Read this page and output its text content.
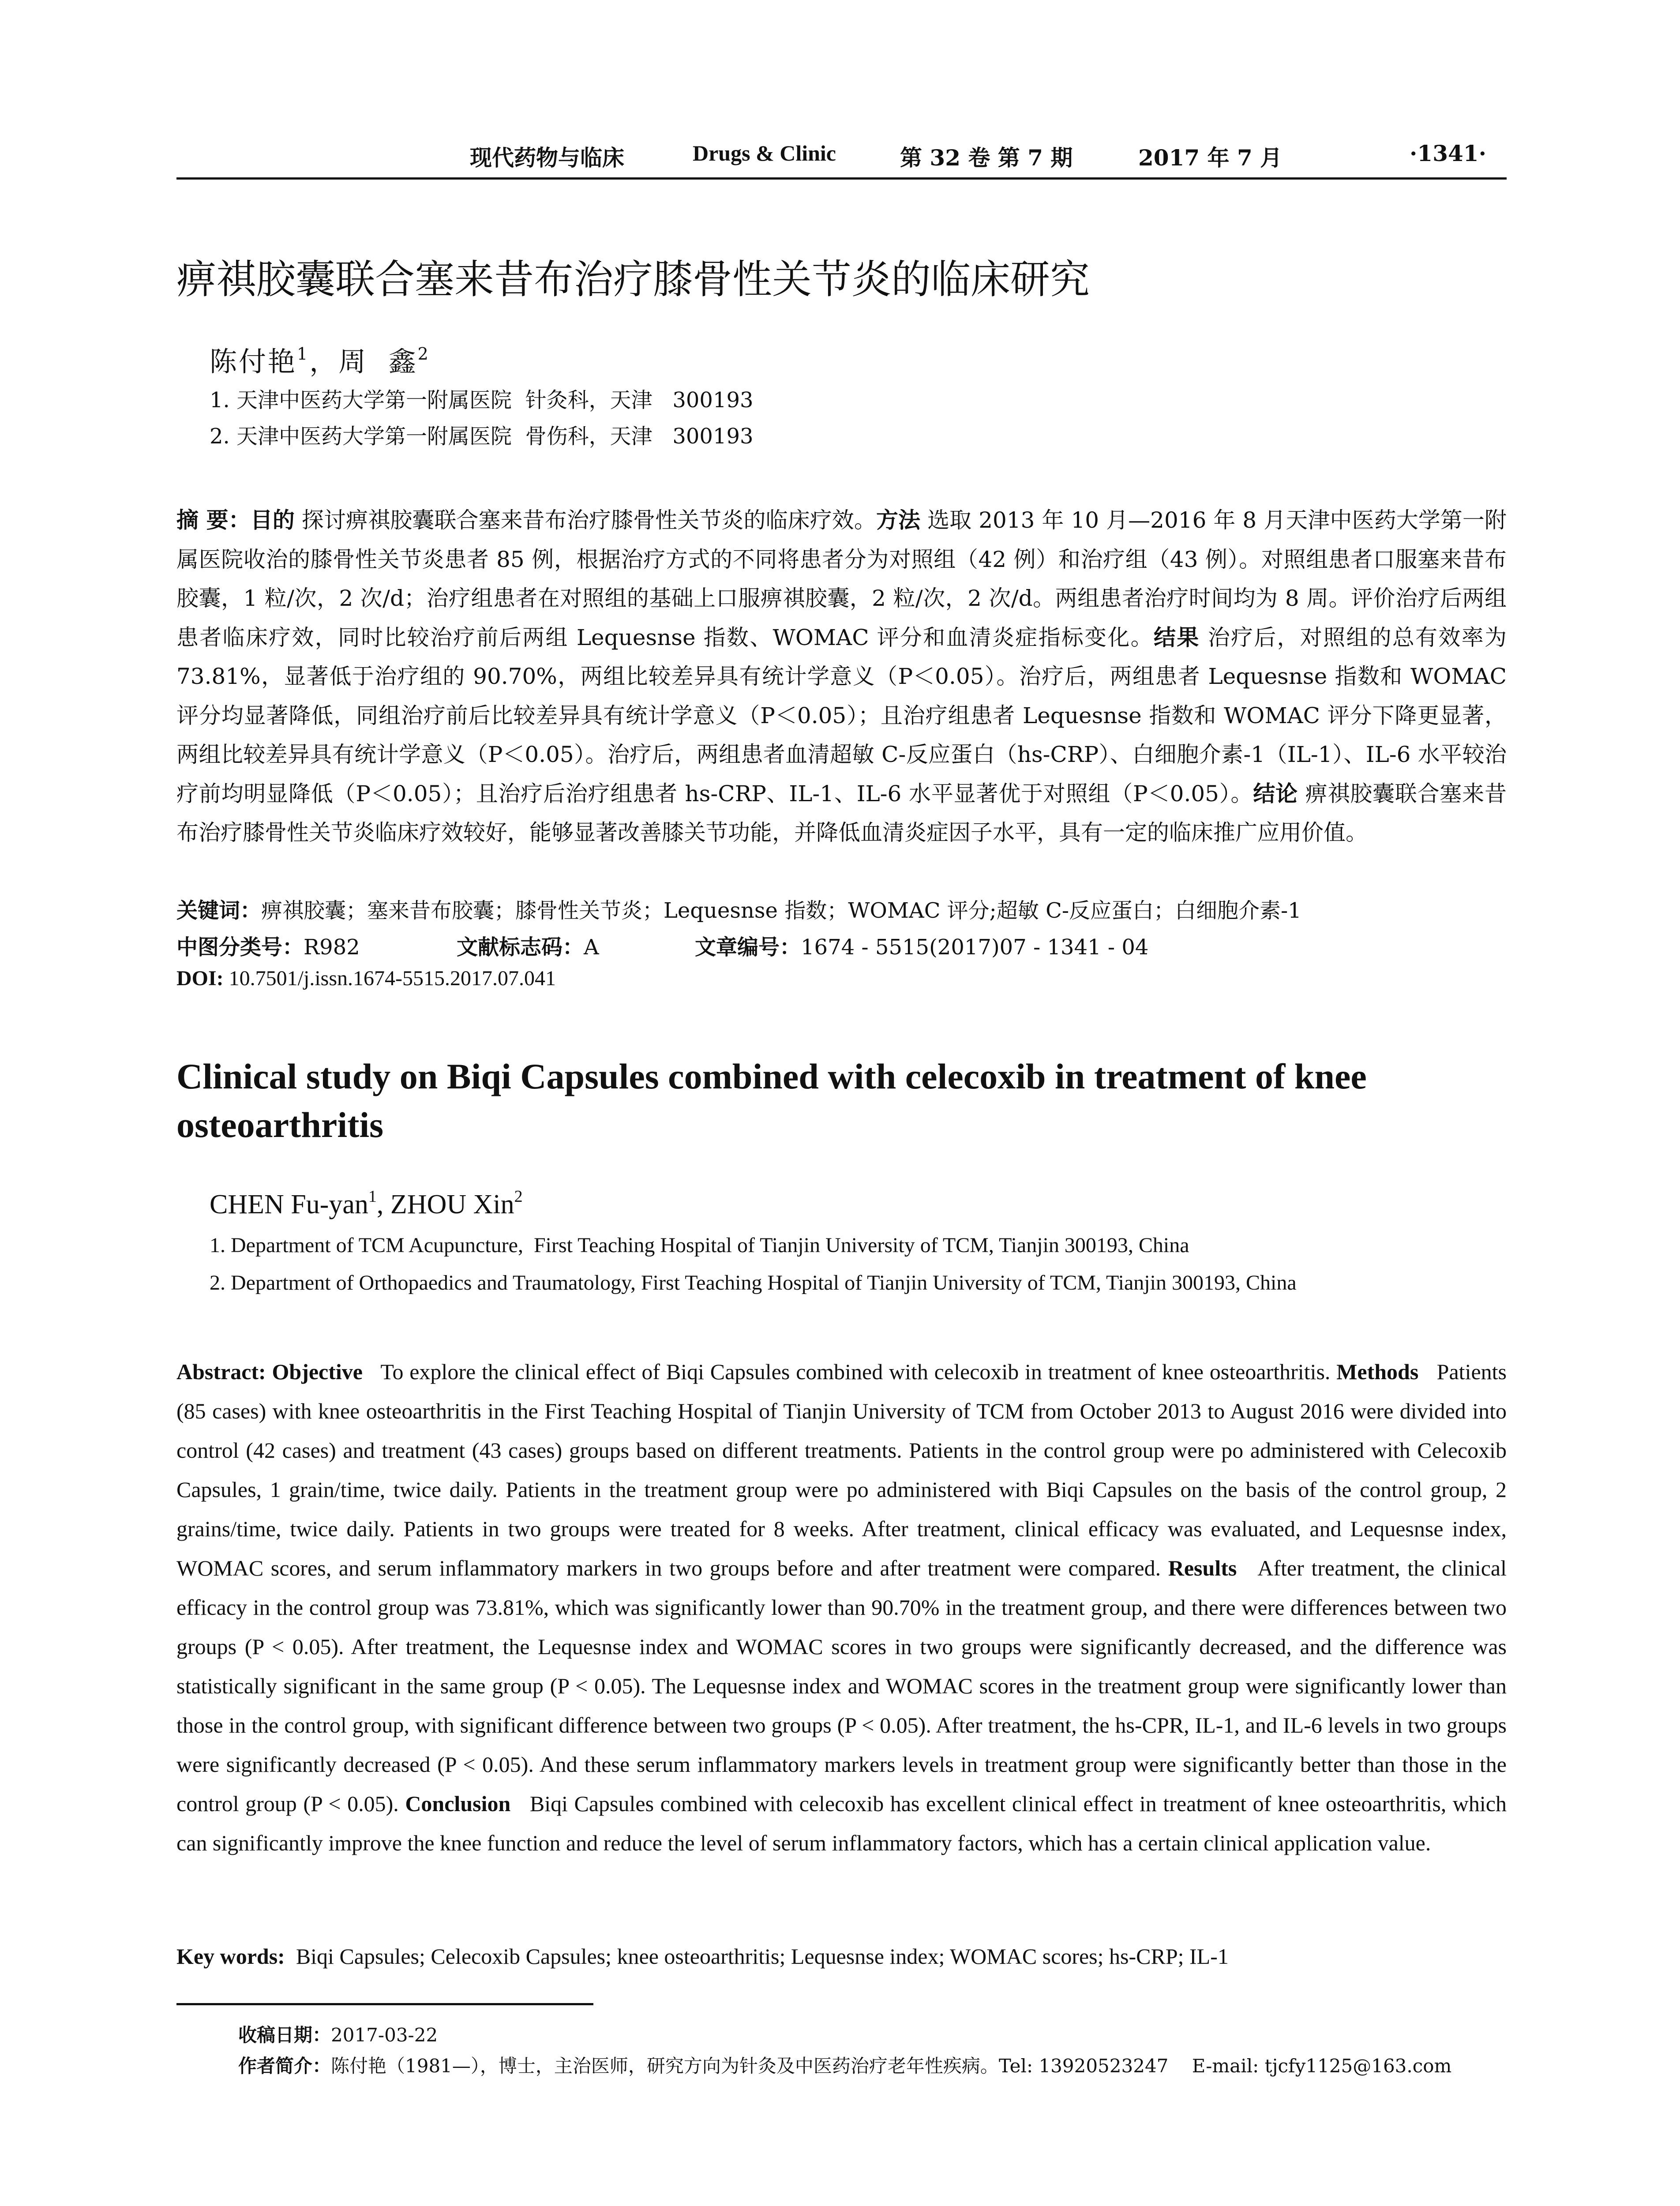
现代药物与临床	Drugs & Clinic	第 32 卷 第 7 期	2017 年 7 月	·1341·
痹祺胶囊联合塞来昔布治疗膝骨性关节炎的临床研究
陈付艳$^1$，周  鑫$^2$
1. 天津中医药大学第一附属医院  针灸科，天津   300193
2. 天津中医药大学第一附属医院  骨伤科，天津   300193
摘 要：目的 探讨痹祺胶囊联合塞来昔布治疗膝骨性关节炎的临床疗效。方法 选取 2013 年 10 月—2016 年 8 月天津中医药大学第一附属医院收治的膝骨性关节炎患者 85 例，根据治疗方式的不同将患者分为对照组（42 例）和治疗组（43 例）。对照组患者口服塞来昔布胶囊，1 粒/次，2 次/d；治疗组患者在对照组的基础上口服痹祺胶囊，2 粒/次，2 次/d。两组患者治疗时间均为 8 周。评价治疗后两组患者临床疗效，同时比较治疗前后两组 Lequesnse 指数、WOMAC 评分和血清炎症指标变化。结果 治疗后，对照组的总有效率为 73.81%，显著低于治疗组的 90.70%，两组比较差异具有统计学意义（P＜0.05）。治疗后，两组患者 Lequesnse 指数和 WOMAC 评分均显著降低，同组治疗前后比较差异具有统计学意义（P＜0.05）；且治疗组患者 Lequesnse 指数和 WOMAC 评分下降更显著，两组比较差异具有统计学意义（P＜0.05）。治疗后，两组患者血清超敏 C-反应蛋白（hs-CRP）、白细胞介素-1（IL-1）、IL-6 水平较治疗前均明显降低（P＜0.05）；且治疗后治疗组患者 hs-CRP、IL-1、IL-6 水平显著优于对照组（P＜0.05）。结论 痹祺胶囊联合塞来昔布治疗膝骨性关节炎临床疗效较好，能够显著改善膝关节功能，并降低血清炎症因子水平，具有一定的临床推广应用价值。
关键词：痹祺胶囊；塞来昔布胶囊；膝骨性关节炎；Lequesnse 指数；WOMAC 评分;超敏 C-反应蛋白；白细胞介素-1
中图分类号：R982	文献标志码：A	文章编号：1674 - 5515(2017)07 - 1341 - 04
DOI: 10.7501/j.issn.1674-5515.2017.07.041
Clinical study on Biqi Capsules combined with celecoxib in treatment of knee osteoarthritis
CHEN Fu-yan$^1$, ZHOU Xin$^2$
1. Department of TCM Acupuncture,  First Teaching Hospital of Tianjin University of TCM, Tianjin 300193, China
2. Department of Orthopaedics and Traumatology, First Teaching Hospital of Tianjin University of TCM, Tianjin 300193, China
Abstract: Objective   To explore the clinical effect of Biqi Capsules combined with celecoxib in treatment of knee osteoarthritis. Methods   Patients (85 cases) with knee osteoarthritis in the First Teaching Hospital of Tianjin University of TCM from October 2013 to August 2016 were divided into control (42 cases) and treatment (43 cases) groups based on different treatments. Patients in the control group were po administered with Celecoxib Capsules, 1 grain/time, twice daily. Patients in the treatment group were po administered with Biqi Capsules on the basis of the control group, 2 grains/time, twice daily. Patients in two groups were treated for 8 weeks. After treatment, clinical efficacy was evaluated, and Lequesnse index, WOMAC scores, and serum inflammatory markers in two groups before and after treatment were compared. Results   After treatment, the clinical efficacy in the control group was 73.81%, which was significantly lower than 90.70% in the treatment group, and there were differences between two groups (P < 0.05). After treatment, the Lequesnse index and WOMAC scores in two groups were significantly decreased, and the difference was statistically significant in the same group (P < 0.05). The Lequesnse index and WOMAC scores in the treatment group were significantly lower than those in the control group, with significant difference between two groups (P < 0.05). After treatment, the hs-CPR, IL-1, and IL-6 levels in two groups were significantly decreased (P < 0.05). And these serum inflammatory markers levels in treatment group were significantly better than those in the control group (P < 0.05). Conclusion   Biqi Capsules combined with celecoxib has excellent clinical effect in treatment of knee osteoarthritis, which can significantly improve the knee function and reduce the level of serum inflammatory factors, which has a certain clinical application value.
Key words:  Biqi Capsules; Celecoxib Capsules; knee osteoarthritis; Lequesnse index; WOMAC scores; hs-CRP; IL-1
收稿日期：2017-03-22
作者简介：陈付艳（1981—），博士，主治医师，研究方向为针灸及中医药治疗老年性疾病。Tel: 13920523247    E-mail: tjcfy1125@163.com
